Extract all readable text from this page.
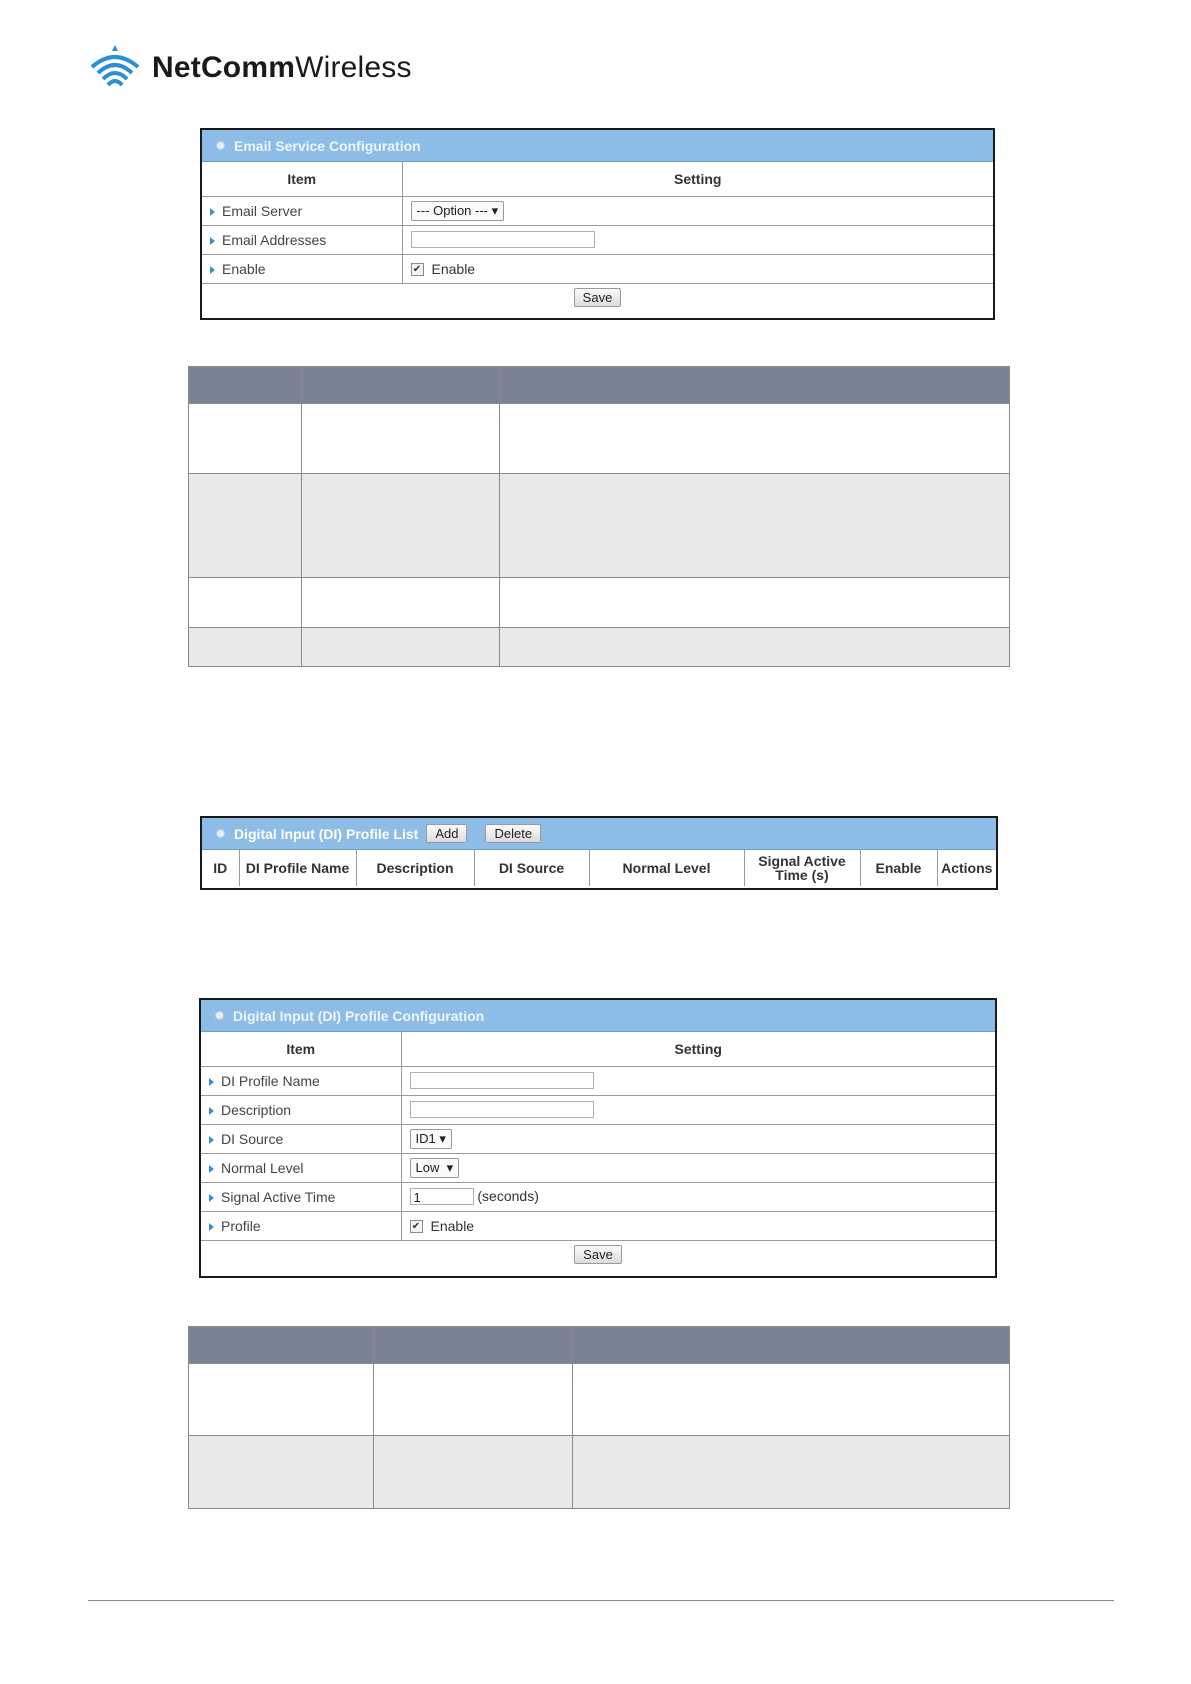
NetCommWireless
Email Service Configuration
Item	Setting
Email Server	--- Option --- ▾
Email Addresses	
Enable	✔ Enable
Save	

Digital Input (DI) Profile List	Add	Delete
ID	DI Profile Name	Description	DI Source	Normal Level	Signal Active Time (s)	Enable	Actions
Digital Input (DI) Profile Configuration
Item	Setting
DI Profile Name	
Description	
DI Source	ID1 ▾
Normal Level	Low ▾
Signal Active Time	1 (seconds)
Profile	✔ Enable
Save	
